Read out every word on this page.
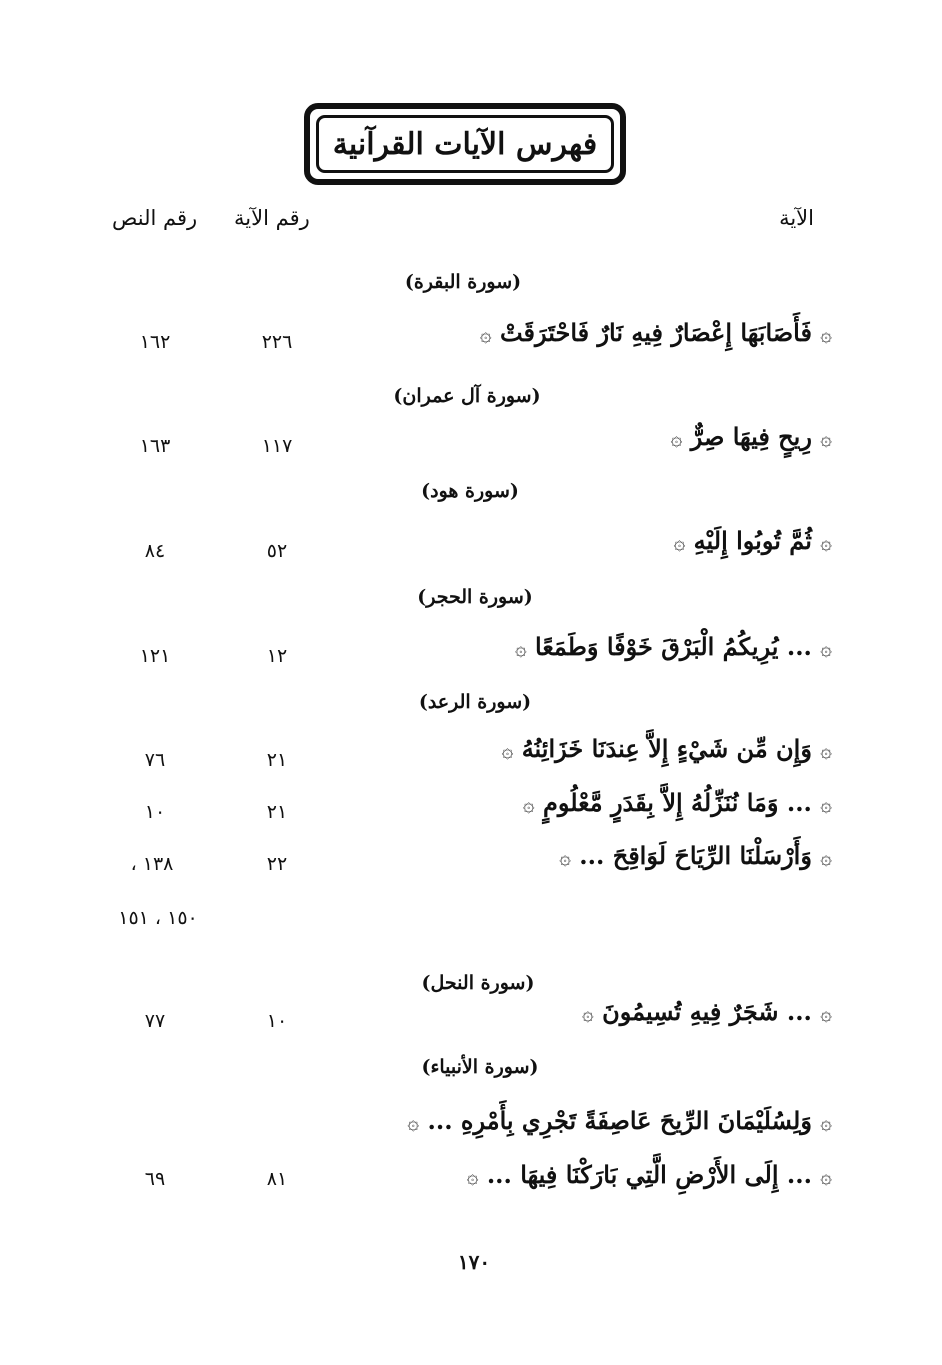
فهرس الآيات القرآنية
الآية
رقم الآية
رقم النص
(سورة البقرة)
۞ فَأَصَابَهَا إِعْصَارٌ فِيهِ نَارٌ فَاحْتَرَقَتْ ۞
٢٢٦
١٦٢
(سورة آل عمران)
۞ رِيحٍ فِيهَا صِرٌّ ۞
١١٧
١٦٣
(سورة هود)
۞ ثُمَّ تُوبُوا إِلَيْهِ ۞
٥٢
٨٤
(سورة الحجر)
۞ ... يُرِيكُمُ الْبَرْقَ خَوْفًا وَطَمَعًا ۞
١٢
١٢١
(سورة الرعد)
۞ وَإِن مِّن شَيْءٍ إِلاَّ عِندَنَا خَزَائِنُهُ ۞
٢١
٧٦
۞ ... وَمَا نُنَزِّلُهُ إِلاَّ بِقَدَرٍ مَّعْلُومٍ ۞
٢١
١٠
۞ وَأَرْسَلْنَا الرِّيَاحَ لَوَاقِحَ ... ۞
٢٢
١٣٨ ،
١٥٠ ، ١٥١
(سورة النحل)
۞ ... شَجَرٌ فِيهِ تُسِيمُونَ ۞
١٠
٧٧
(سورة الأنبياء)
۞ وَلِسُلَيْمَانَ الرِّيحَ عَاصِفَةً تَجْرِي بِأَمْرِهِ ... ۞
۞ ... إِلَى الأَرْضِ الَّتِي بَارَكْنَا فِيهَا ... ۞
٨١
٦٩
١٧٠
